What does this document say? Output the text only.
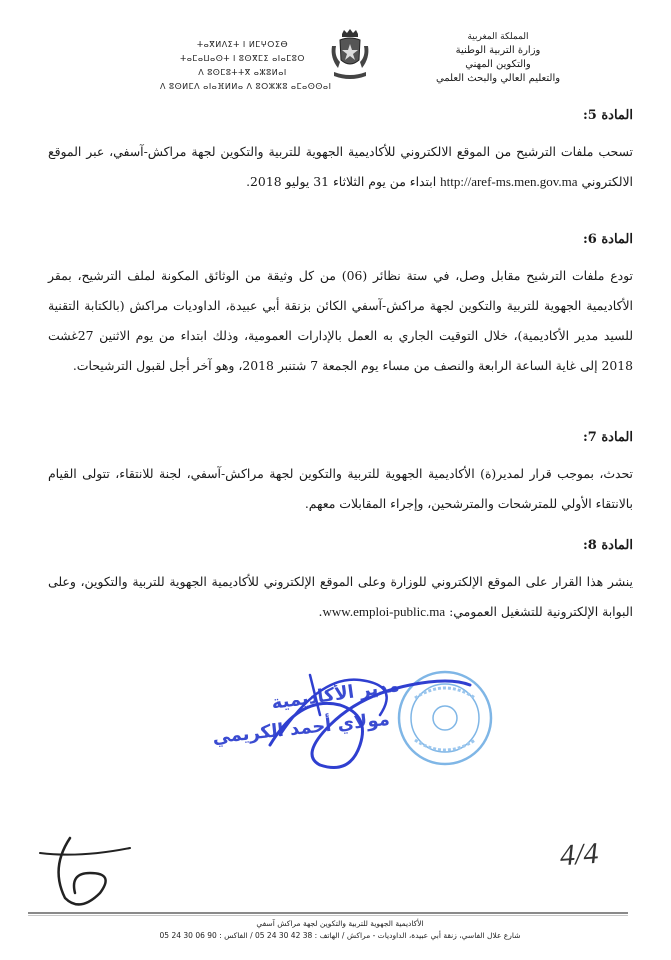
ⵜⴰⴳⵍⴷⵉⵜ ⵏ ⵍⵎⵖⵔⵉⴱ
ⵜⴰⵎⴰⵡⴰⵙⵜ ⵏ ⵓⵙⴳⵎⵉ ⴰⵏⴰⵎⵓⵔ
ⴷ ⵓⵙⵎⵓⵜⵜⴳ ⴰⵣⵓⵍⴰⵏ
ⴷ ⵓⵙⵍⵎⴷ ⴰⵏⴰⴼⵍⵍⴰ ⴷ ⵓⵔⵣⵣⵓ ⴰⵎⴰⵙⵙⴰⵏ
المملكة المغربية
وزارة التربية الوطنية
والتكوين المهني
والتعليم العالي والبحث العلمي

المادة 5:

تسحب ملفات الترشيح من الموقع الالكتروني للأكاديمية الجهوية للتربية والتكوين لجهة مراكش-آسفي، عبر الموقع الالكتروني http://aref-ms.men.gov.ma ابتداء من يوم الثلاثاء 31 يوليو 2018.

المادة 6:

تودع ملفات الترشيح مقابل وصل، في ستة نظائر (06) من كل وثيقة من الوثائق المكونة لملف الترشيح، بمقر الأكاديمية الجهوية للتربية والتكوين لجهة مراكش-آسفي الكائن بزنقة أبي عبيدة، الداوديات مراكش (بالكتابة التقنية للسيد مدير الأكاديمية)، خلال التوقيت الجاري به العمل بالإدارات العمومية، وذلك ابتداء من يوم الاثنين 27غشت 2018 إلى غاية الساعة الرابعة والنصف من مساء يوم الجمعة 7 شتنبر 2018، وهو آخر أجل لقبول الترشيحات.

المادة 7:

تحدث، بموجب قرار لمدير(ة) الأكاديمية الجهوية للتربية والتكوين لجهة مراكش-آسفي، لجنة للانتقاء، تتولى القيام بالانتقاء الأولي للمترشحات والمترشحين، وإجراء المقابلات معهم.

المادة 8:

ينشر هذا القرار على الموقع الإلكتروني للوزارة وعلى الموقع الإلكتروني للأكاديمية الجهوية للتربية والتكوين، وعلى البوابة الإلكترونية للتشغيل العمومي: www.emploi-public.ma.
مدير الأكاديمية
مولاي أحمد الكريمي
4/4
الأكاديمية الجهوية للتربية والتكوين لجهة مراكش آسفي
شارع علال الفاسي، زنقة أبي عبيدة، الداوديات - مراكش / الهاتف : 38 42 30 24 05 / الفاكس : 90 06 30 24 05
